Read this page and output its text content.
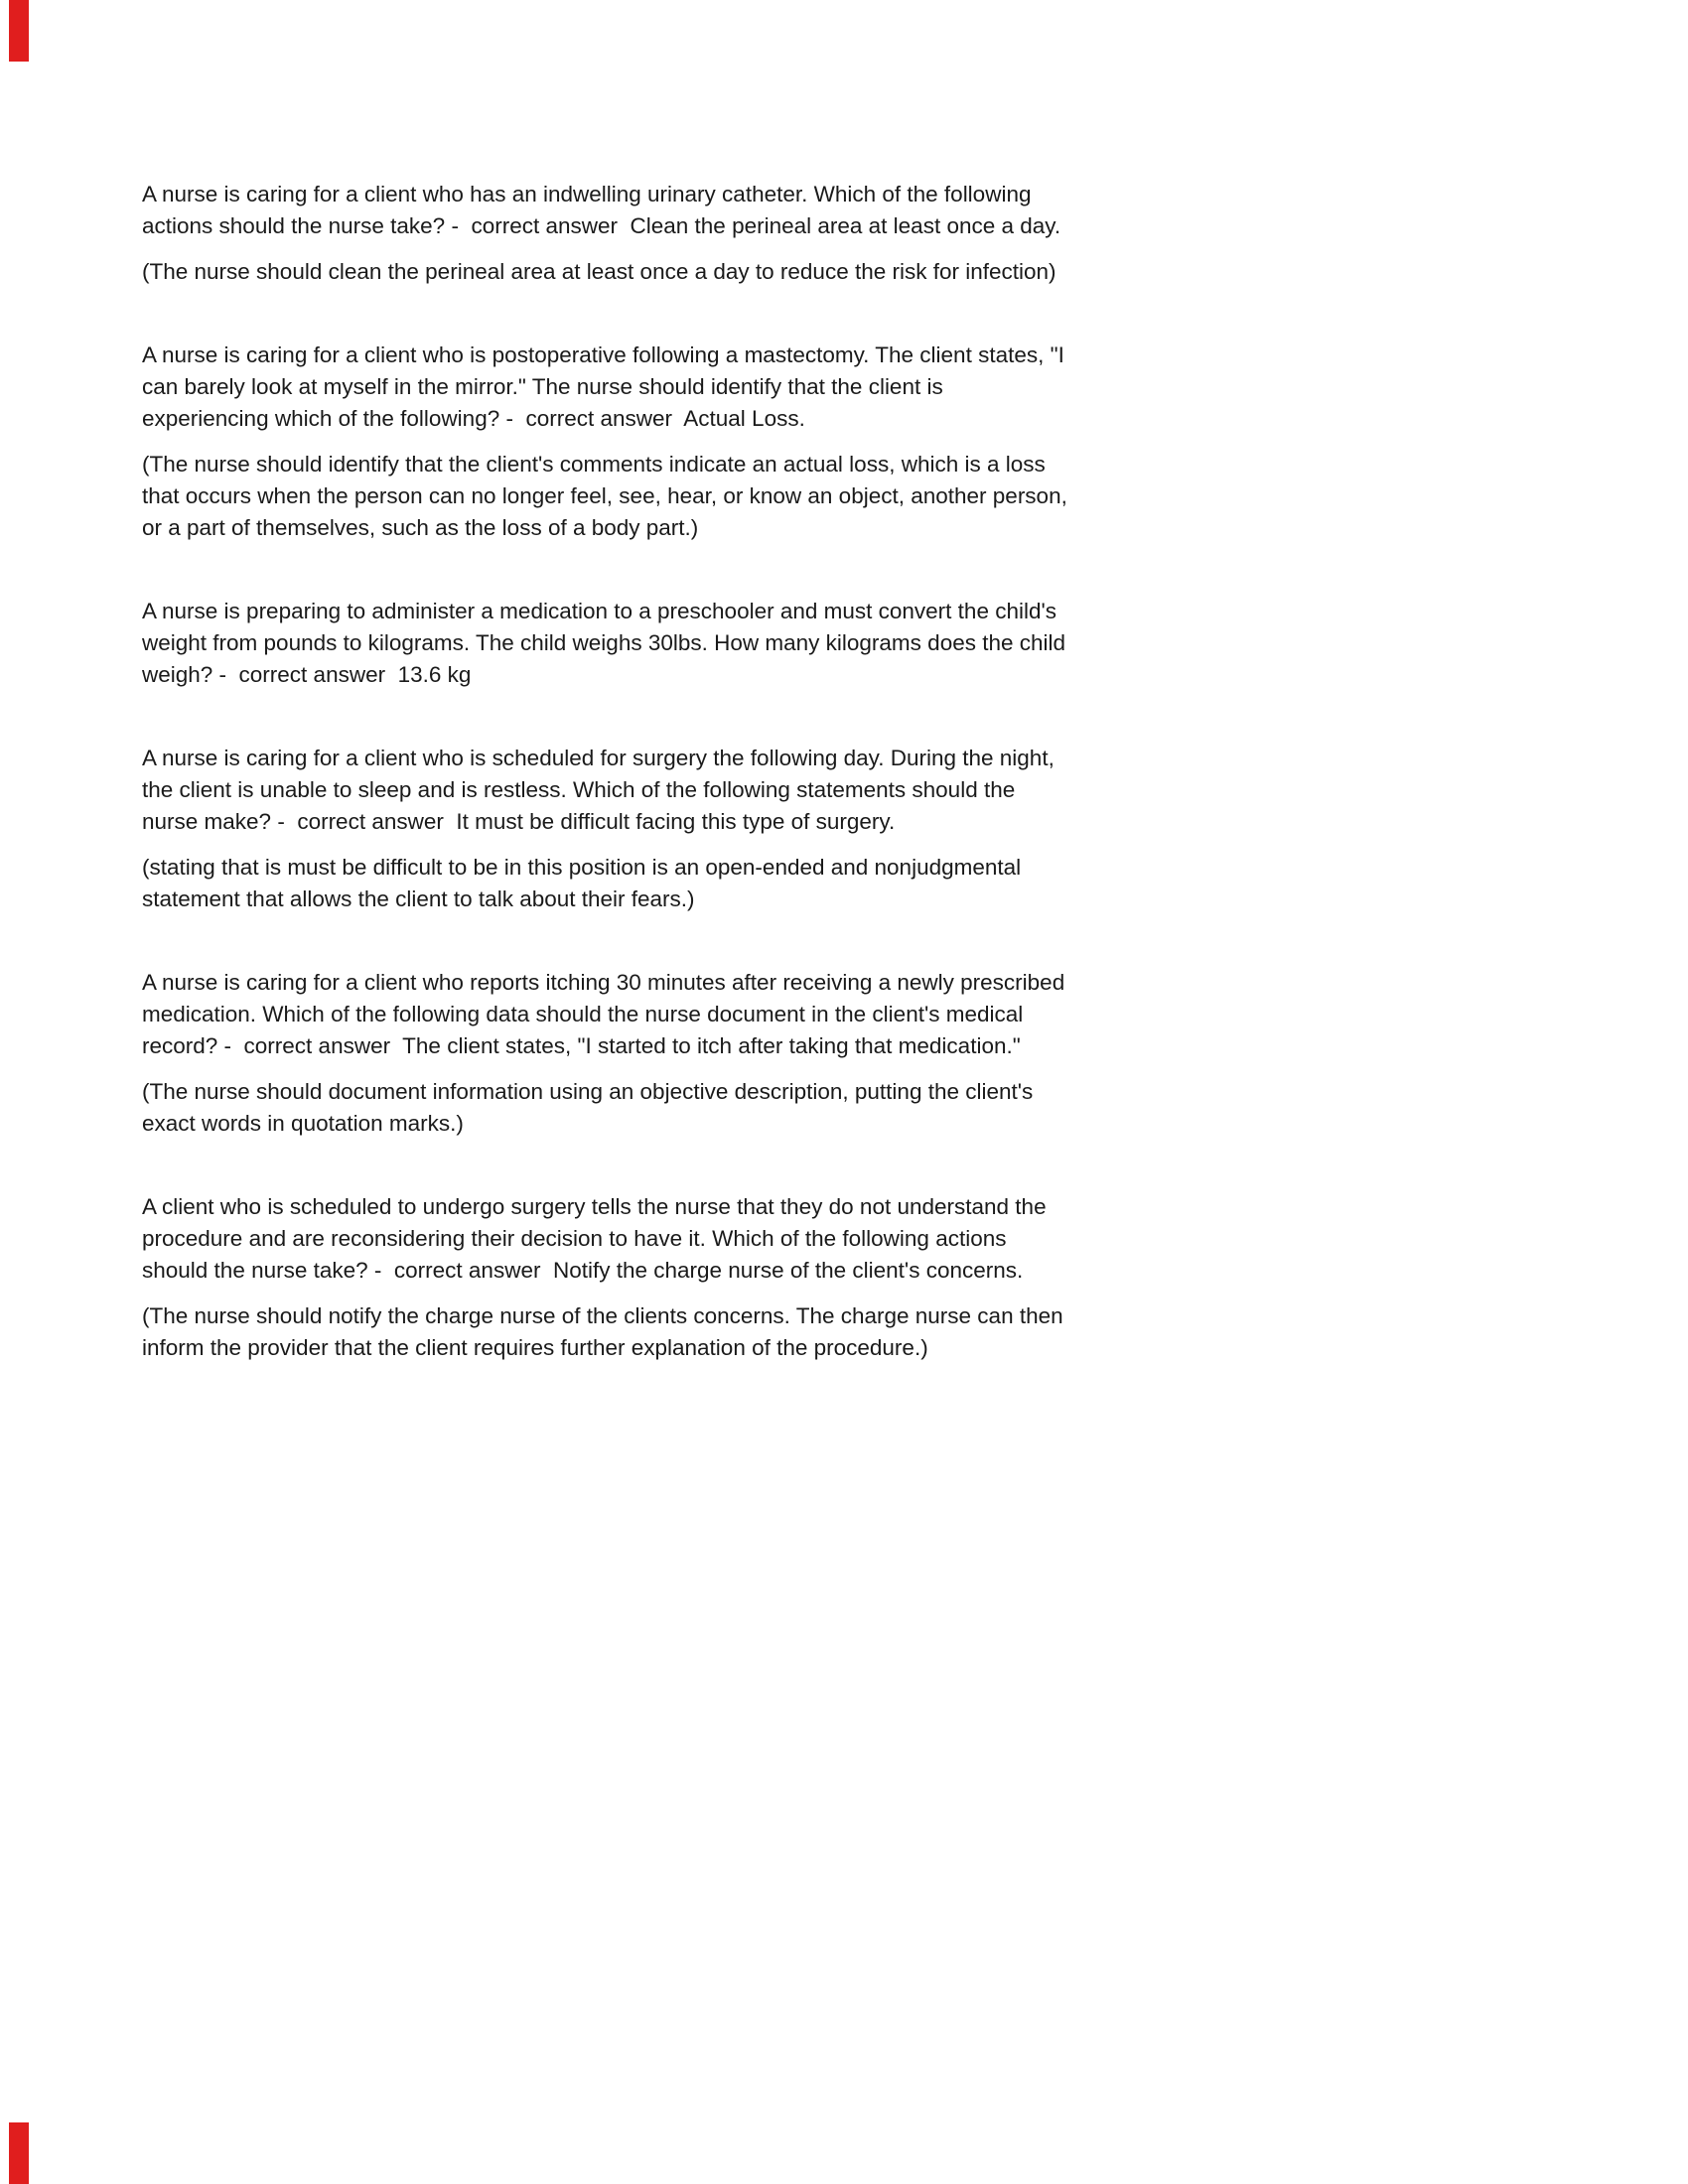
A nurse is caring for a client who has an indwelling urinary catheter. Which of the following actions should the nurse take? -  correct answer  Clean the perineal area at least once a day.

(The nurse should clean the perineal area at least once a day to reduce the risk for infection)

A nurse is caring for a client who is postoperative following a mastectomy. The client states, "I can barely look at myself in the mirror." The nurse should identify that the client is experiencing which of the following? -  correct answer  Actual Loss.

(The nurse should identify that the client's comments indicate an actual loss, which is a loss that occurs when the person can no longer feel, see, hear, or know an object, another person, or a part of themselves, such as the loss of a body part.)

A nurse is preparing to administer a medication to a preschooler and must convert the child's weight from pounds to kilograms. The child weighs 30lbs. How many kilograms does the child weigh? -  correct answer  13.6 kg

A nurse is caring for a client who is scheduled for surgery the following day. During the night, the client is unable to sleep and is restless. Which of the following statements should the nurse make? -  correct answer  It must be difficult facing this type of surgery.

(stating that is must be difficult to be in this position is an open-ended and nonjudgmental statement that allows the client to talk about their fears.)

A nurse is caring for a client who reports itching 30 minutes after receiving a newly prescribed medication. Which of the following data should the nurse document in the client's medical record? -  correct answer  The client states, "I started to itch after taking that medication."

(The nurse should document information using an objective description, putting the client's exact words in quotation marks.)

A client who is scheduled to undergo surgery tells the nurse that they do not understand the procedure and are reconsidering their decision to have it. Which of the following actions should the nurse take? -  correct answer  Notify the charge nurse of the client's concerns.

(The nurse should notify the charge nurse of the clients concerns. The charge nurse can then inform the provider that the client requires further explanation of the procedure.)
